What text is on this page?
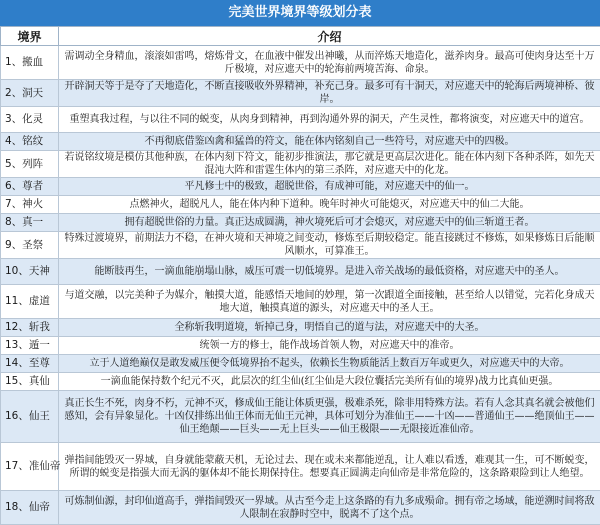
完美世界境界等级划分表
境界	介绍
1、搬血	需调动全身精血，滚滚如雷鸣，熔炼骨文，在血液中催发出神曦，从而淬炼天地造化，滋养肉身。最高可使肉身达至十万斤极境，对应遮天中的轮海前两境苦海、命泉。
2、洞天	开辟洞天等于是夺了天地造化，不断直接吸收外界精神，补充己身。最多可有十洞天，对应遮天中的轮海后两境神桥、彼岸。
3、化灵	重塑真我过程，与以往不同的蜕变，从肉身到精神，再到沟通外界的洞天，产生灵性，都将演变，对应遮天中的道宫。
4、铭纹	不再彻底借鉴凶禽和猛兽的符文，能在体内铭刻自己一些符号，对应遮天中的四极。
5、列阵	若说铭纹境是模仿其他种族，在体内刻下符文，能初步推演法，那它就是更高层次进化。能在体内刻下各种杀阵，如先天混沌大阵和雷霆生体内的第三杀阵，对应遮天中的化龙。
6、尊者	平凡修士中的极致，超脱世俗，有成神可能，对应遮天中的仙一。
7、神火	点燃神火，超脱凡人，能在体内种下道种。晚年时神火可能熄灭，对应遮天中的仙二大能。
8、真一	拥有超脱世俗的力量。真正达成圆满，神火境死后可才会熄灭，对应遮天中的仙三斩道王者。
9、圣祭	特殊过渡境界，前期法力不稳，在神火境和天神境之间变动，修炼至后期较稳定。能直接跳过不修炼，如果修炼日后能顺风顺水，可算准王。
10、天神	能断肢再生，一滴血能崩塌山脉，威压可震一切低境界。是进入帝关战场的最低资格，对应遮天中的圣人。
11、虚道	与道交融，以完美种子为媒介，触摸大道，能感悟天地间的妙理，第一次跟道全面接触，甚至给人以错觉，完若化身成天地大道，触摸真道的源头，对应遮天中的圣人王。
12、斩我	全称斩我明道境，斩掉己身，明悟自己的道与法，对应遮天中的大圣。
13、遁一	统领一方的修士，能作战场首领人物，对应遮天中的准帝。
14、至尊	立于人道绝巅仅是敢发威压便令低境界抬不起头，依赖长生物质能活上数百万年或更久，对应遮天中的大帝。
15、真仙	一滴血能保持数个纪元不灭，此层次的红尘仙(红尘仙是大段位囊括完美所有仙的境界)战力比真仙更强。
16、仙王	真正长生不死，肉身不朽，元神不灭，修成仙王能让体质更强，极难杀死，除非用特殊方法。若有人念其真名就会被他们感知，会有异象显化。十凶仅排练出仙王体而无仙王元神，具体可划分为准仙王——十凶——普通仙王——绝顶仙王——仙王绝颠——巨头——无上巨头——仙王极限——无限接近准仙帝。
17、准仙帝	弹指间能毁灭一界域，自身就能蒙蔽天机，无论过去、现在或未来都能逆乱，让人难以看透，难观其一生，可不断蜕变，所谓的蜕变是指强大而无涡的躯体却不能长期保持住。想要真正圆满走向仙帝是非常危险的，这条路艰险到让人绝望。
18、仙帝	可炼制仙源，封印仙道高手，弹指间毁灭一界域。从古至今走上这条路的有九多成殒命。拥有帝之场域，能逆溯时间将敌人限制在寂静时空中，脱离不了这个点。
